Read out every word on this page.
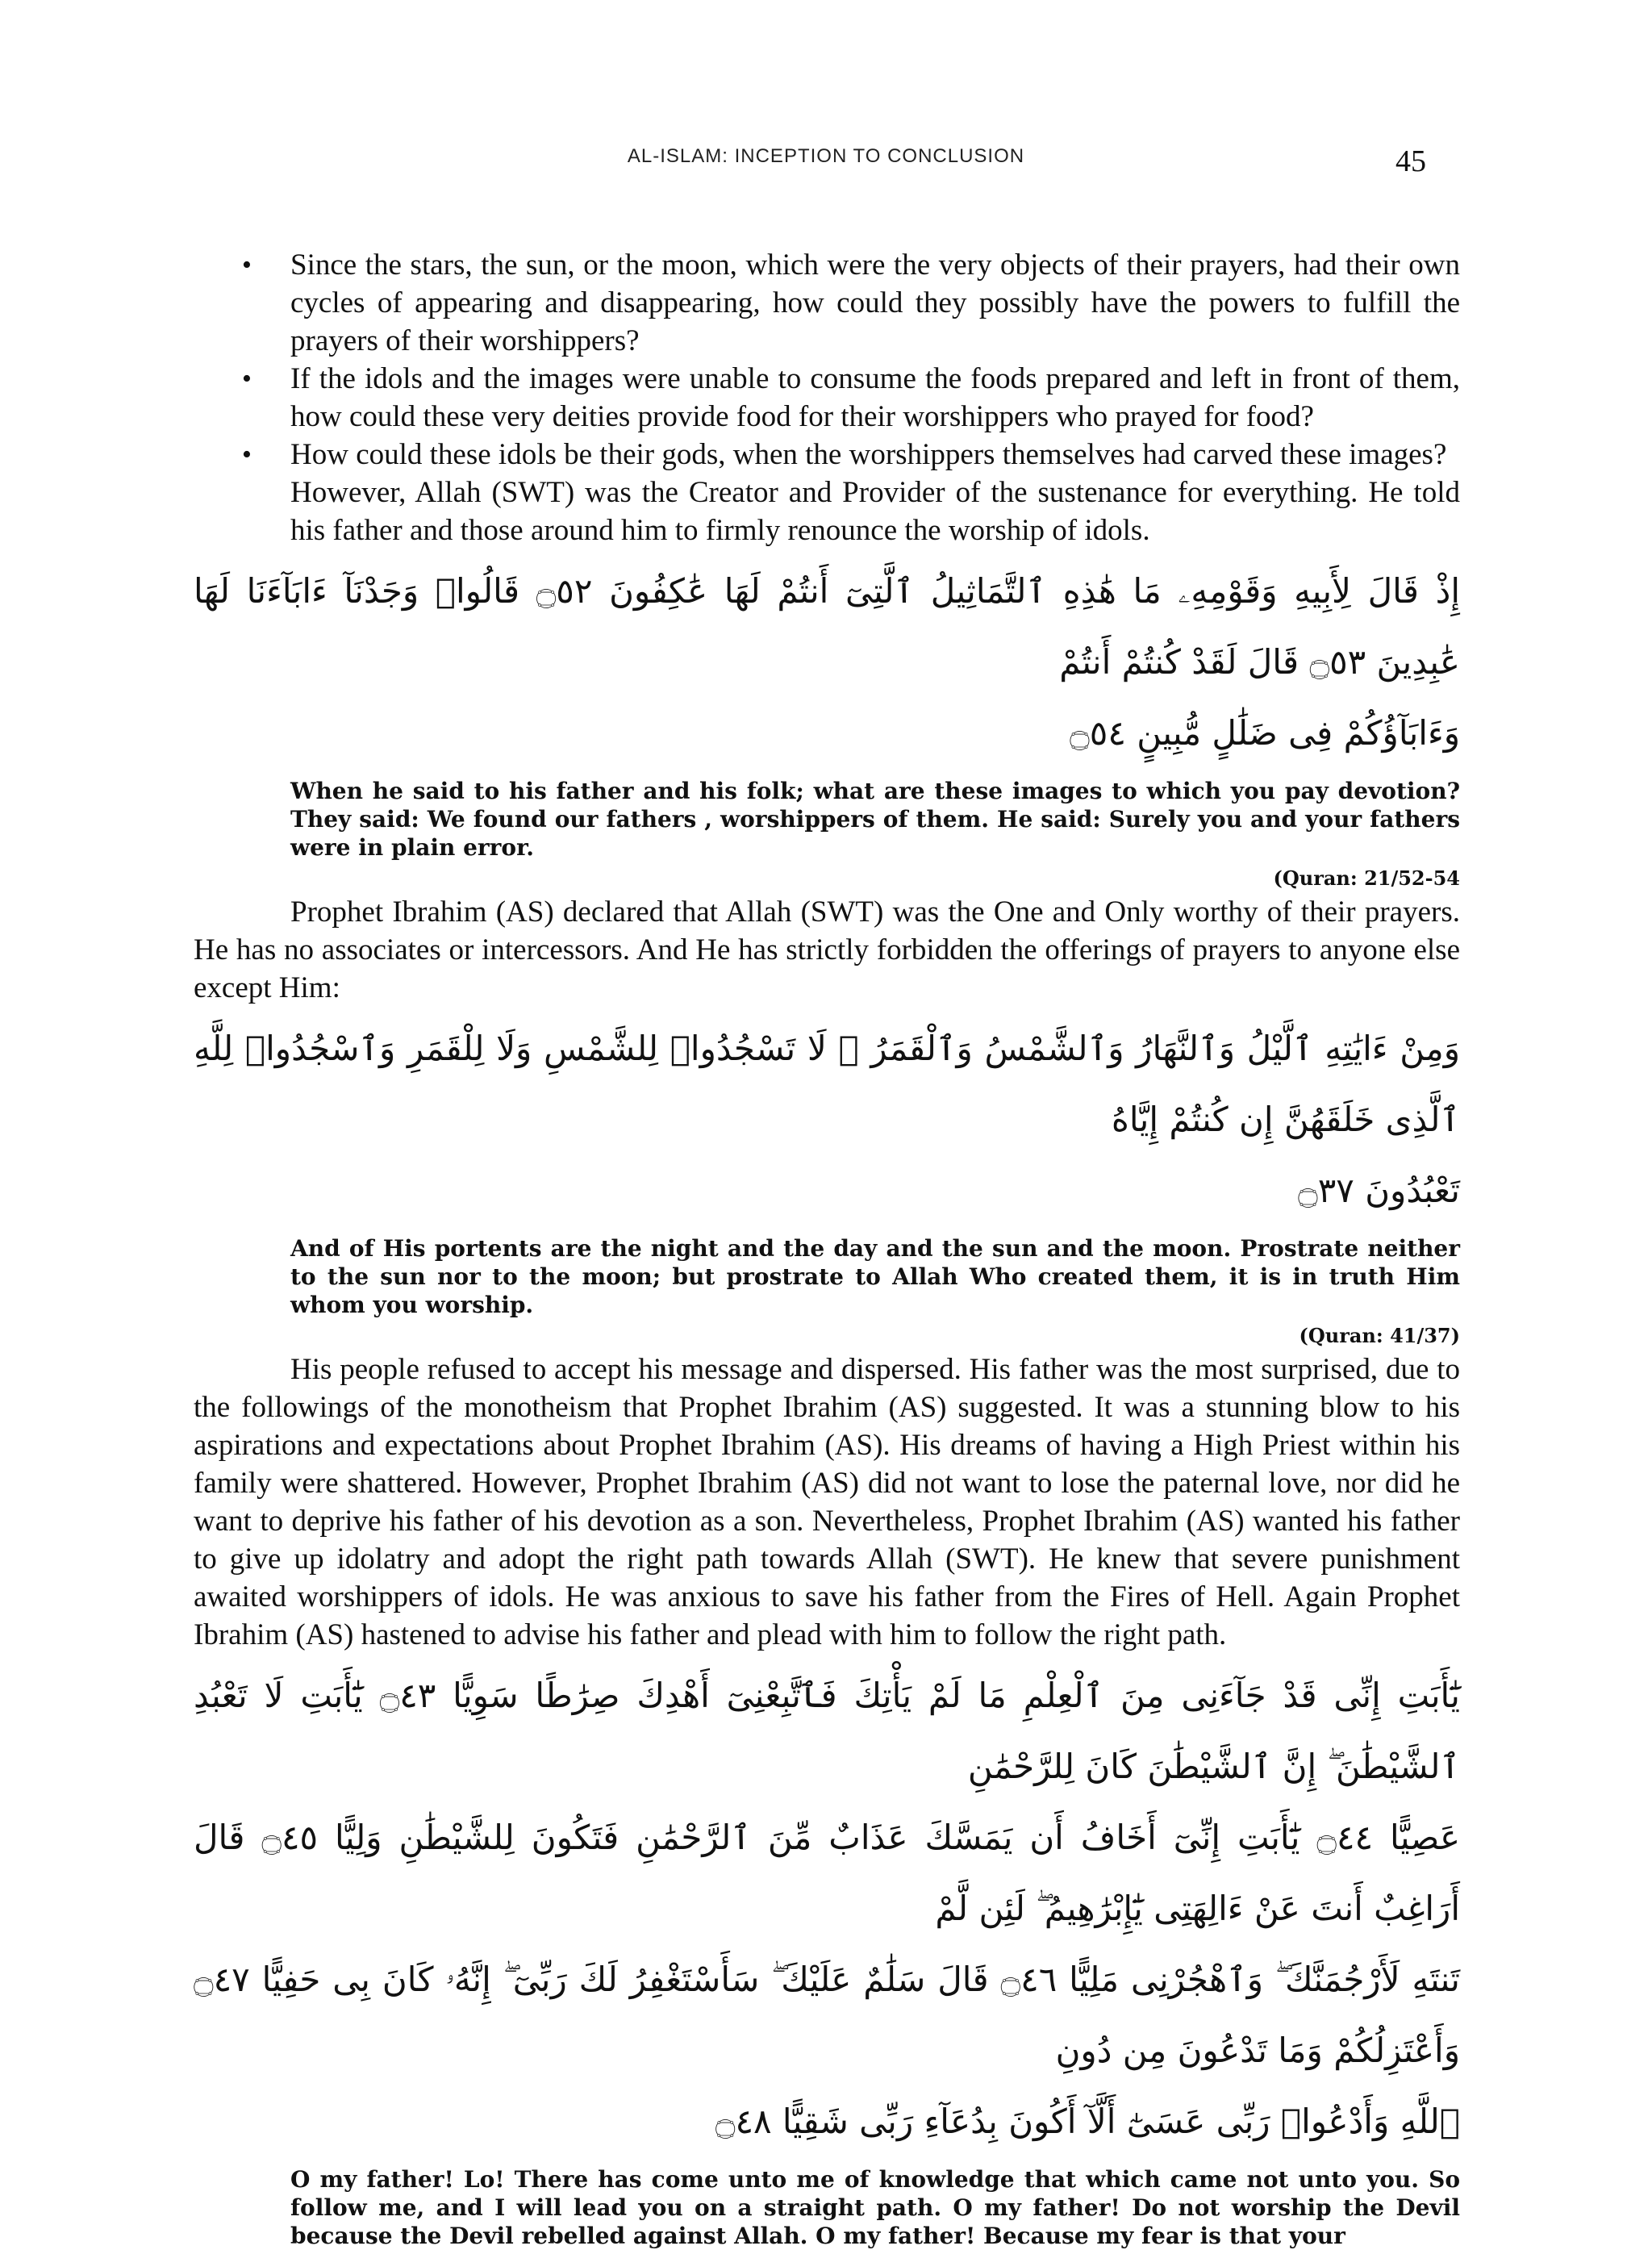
AL-ISLAM: INCEPTION TO CONCLUSION	45
• Since the stars, the sun, or the moon, which were the very objects of their prayers, had their own cycles of appearing and disappearing, how could they possibly have the powers to fulfill the prayers of their worshippers?
• If the idols and the images were unable to consume the foods prepared and left in front of them, how could these very deities provide food for their worshippers who prayed for food?
• How could these idols be their gods, when the worshippers themselves had carved these images?

However, Allah (SWT) was the Creator and Provider of the sustenance for everything. He told his father and those around him to firmly renounce the worship of idols.

إِذْ قَالَ لِأَبِيهِ وَقَوْمِهِۦ مَا هَٰذِهِ ٱلتَّمَاثِيلُ ٱلَّتِىٓ أَنتُمْ لَهَا عَٰكِفُونَ ۝٥٢ قَالُوا۟ وَجَدْنَآ ءَابَآءَنَا لَهَا عَٰبِدِينَ ۝٥٣ قَالَ لَقَدْ كُنتُمْ أَنتُمْ
وَءَابَآؤُكُمْ فِى ضَلَٰلٍ مُّبِينٍ ۝٥٤

When he said to his father and his folk; what are these images to which you pay devotion? They said: We found our fathers , worshippers of them. He said: Surely you and your fathers were in plain error.

(Quran: 21/52-54

Prophet Ibrahim (AS) declared that Allah (SWT) was the One and Only worthy of their prayers. He has no associates or intercessors. And He has strictly forbidden the offerings of prayers to anyone else except Him:

وَمِنْ ءَايَٰتِهِ ٱلَّيْلُ وَٱلنَّهَارُ وَٱلشَّمْسُ وَٱلْقَمَرُ ۚ لَا تَسْجُدُوا۟ لِلشَّمْسِ وَلَا لِلْقَمَرِ وَٱسْجُدُوا۟ لِلَّهِ ٱلَّذِى خَلَقَهُنَّ إِن كُنتُمْ إِيَّاهُ
تَعْبُدُونَ ۝٣٧

And of His portents are the night and the day and the sun and the moon. Prostrate neither to the sun nor to the moon; but prostrate to Allah Who created them, it is in truth Him whom you worship.

(Quran: 41/37)

His people refused to accept his message and dispersed. His father was the most surprised, due to the followings of the monotheism that Prophet Ibrahim (AS) suggested. It was a stunning blow to his aspirations and expectations about Prophet Ibrahim (AS). His dreams of having a High Priest within his family were shattered. However, Prophet Ibrahim (AS) did not want to lose the paternal love, nor did he want to deprive his father of his devotion as a son. Nevertheless, Prophet Ibrahim (AS) wanted his father to give up idolatry and adopt the right path towards Allah (SWT). He knew that severe punishment awaited worshippers of idols. He was anxious to save his father from the Fires of Hell. Again Prophet Ibrahim (AS) hastened to advise his father and plead with him to follow the right path.

يَٰٓأَبَتِ إِنِّى قَدْ جَآءَنِى مِنَ ٱلْعِلْمِ مَا لَمْ يَأْتِكَ فَٱتَّبِعْنِىٓ أَهْدِكَ صِرَٰطًا سَوِيًّا ۝٤٣ يَٰٓأَبَتِ لَا تَعْبُدِ ٱلشَّيْطَٰنَ ۖ إِنَّ ٱلشَّيْطَٰنَ كَانَ لِلرَّحْمَٰنِ
عَصِيًّا ۝٤٤ يَٰٓأَبَتِ إِنِّىٓ أَخَافُ أَن يَمَسَّكَ عَذَابٌ مِّنَ ٱلرَّحْمَٰنِ فَتَكُونَ لِلشَّيْطَٰنِ وَلِيًّا ۝٤٥ قَالَ أَرَاغِبٌ أَنتَ عَنْ ءَالِهَتِى يَٰٓإِبْرَٰهِيمُ ۖ لَئِن لَّمْ
تَنتَهِ لَأَرْجُمَنَّكَ ۖ وَٱهْجُرْنِى مَلِيًّا ۝٤٦ قَالَ سَلَٰمٌ عَلَيْكَ ۖ سَأَسْتَغْفِرُ لَكَ رَبِّىٓ ۖ إِنَّهُۥ كَانَ بِى حَفِيًّا ۝٤٧ وَأَعْتَزِلُكُمْ وَمَا تَدْعُونَ مِن دُونِ
ٱللَّهِ وَأَدْعُوا۟ رَبِّى عَسَىٰٓ أَلَّآ أَكُونَ بِدُعَآءِ رَبِّى شَقِيًّا ۝٤٨

O my father! Lo! There has come unto me of knowledge that which came not unto you. So follow me, and I will lead you on a straight path. O my father! Do not worship the Devil because the Devil rebelled against Allah. O my father! Because my fear is that your
